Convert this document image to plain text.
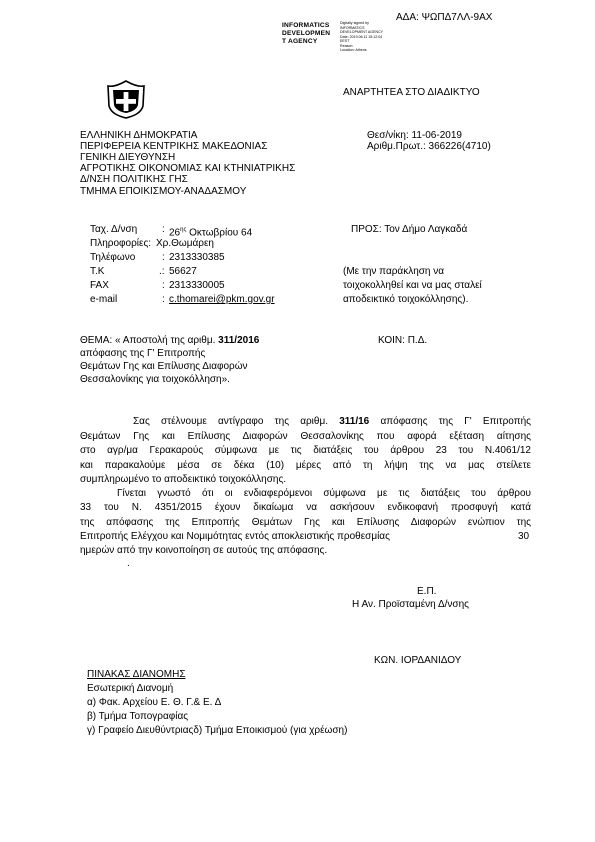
ΑΔΑ: ΨΩΠΔ7ΛΛ-9ΑΧ
INFORMATICS
DEVELOPMEN
T AGENCY
Digitally signed by
INFORMATICS
DEVELOPMENT AGENCY
Date: 2019.06.11 15:12:04
EEST
Reason:
Location: Athens
ΑΝΑΡΤΗΤΕΑ ΣΤΟ ΔΙΑΔΙΚΤΥΟ
ΕΛΛΗΝΙΚΗ ΔΗΜΟΚΡΑΤΙΑ
ΠΕΡΙΦΕΡΕΙΑ ΚΕΝΤΡΙΚΗΣ ΜΑΚΕΔΟΝΙΑΣ
ΓΕΝΙΚΗ ΔΙΕΥΘΥΝΣΗ
ΑΓΡΟΤΙΚΗΣ ΟΙΚΟΝΟΜΙΑΣ ΚΑΙ ΚΤΗΝΙΑΤΡΙΚΗΣ
Δ/ΝΣΗ ΠΟΛΙΤΙΚΗΣ ΓΗΣ
ΤΜΗΜΑ ΕΠΟΙΚΙΣΜΟΥ-ΑΝΑΔΑΣΜΟΥ
Θεσ/νίκη: 11-06-2019
Αριθμ.Πρωτ.: 366226(4710)
Ταχ. Δ/νση : $26^{\eta\varsigma}$ Οκτωβρίου 64
Πληροφορίες: Χρ.Θωμάρεη
Τηλέφωνο	: 2313330385
Τ.Κ	.: 56627
FAX	: 2313330005
e-mail	: c.thomarei@pkm.gov.gr
ΠΡΟΣ: Τον Δήμο Λαγκαδά
(Με την παράκληση να
τοιχοκολληθεί και να μας σταλεί
αποδεικτικό τοιχοκόλλησης).
ΘΕΜΑ: « Αποστολή της αριθμ. 311/2016
απόφασης της Γ' Επιτροπής
Θεμάτων Γης και Επίλυσης Διαφορών
Θεσσαλονίκης για τοιχοκόλληση».
ΚΟΙΝ: Π.Δ.
Σας στέλνουμε αντίγραφο της αριθμ. 311/16 απόφασης της Γ' Επιτροπής
Θεμάτων Γης και Επίλυσης Διαφορών Θεσσαλονίκης που αφορά εξέταση αίτησης
στο αγρ/μα Γερακαρούς σύμφωνα με τις διατάξεις του άρθρου 23 του Ν.4061/12
και παρακαλούμε μέσα σε δέκα (10) μέρες από τη λήψη της να μας στείλετε
συμπληρωμένο το αποδεικτικό τοιχοκόλλησης.
Γίνεται γνωστό ότι οι ενδιαφερόμενοι σύμφωνα με τις διατάξεις του άρθρου
33 του Ν. 4351/2015 έχουν δικαίωμα να ασκήσουν ενδικοφανή προσφυγή κατά
της απόφασης της Επιτροπής Θεμάτων Γης και Επίλυσης Διαφορών ενώπιον της
Επιτροπής Ελέγχου και Νομιμότητας εντός αποκλειστικής προθεσμίας	30
ημερών από την κοινοποίηση σε αυτούς της απόφασης.
.
Ε.Π.
Η Αν. Προϊσταμένη Δ/νσης
ΚΩΝ. ΙΟΡΔΑΝΙΔΟΥ
ΠΙΝΑΚΑΣ ΔΙΑΝΟΜΗΣ
Εσωτερική Διανομή
α) Φακ. Αρχείου Ε. Θ. Γ.& Ε. Δ
β) Τμήμα Τοπογραφίας
γ) Γραφείο Διευθύντριαςδ) Τμήμα Εποικισμού (για χρέωση)
